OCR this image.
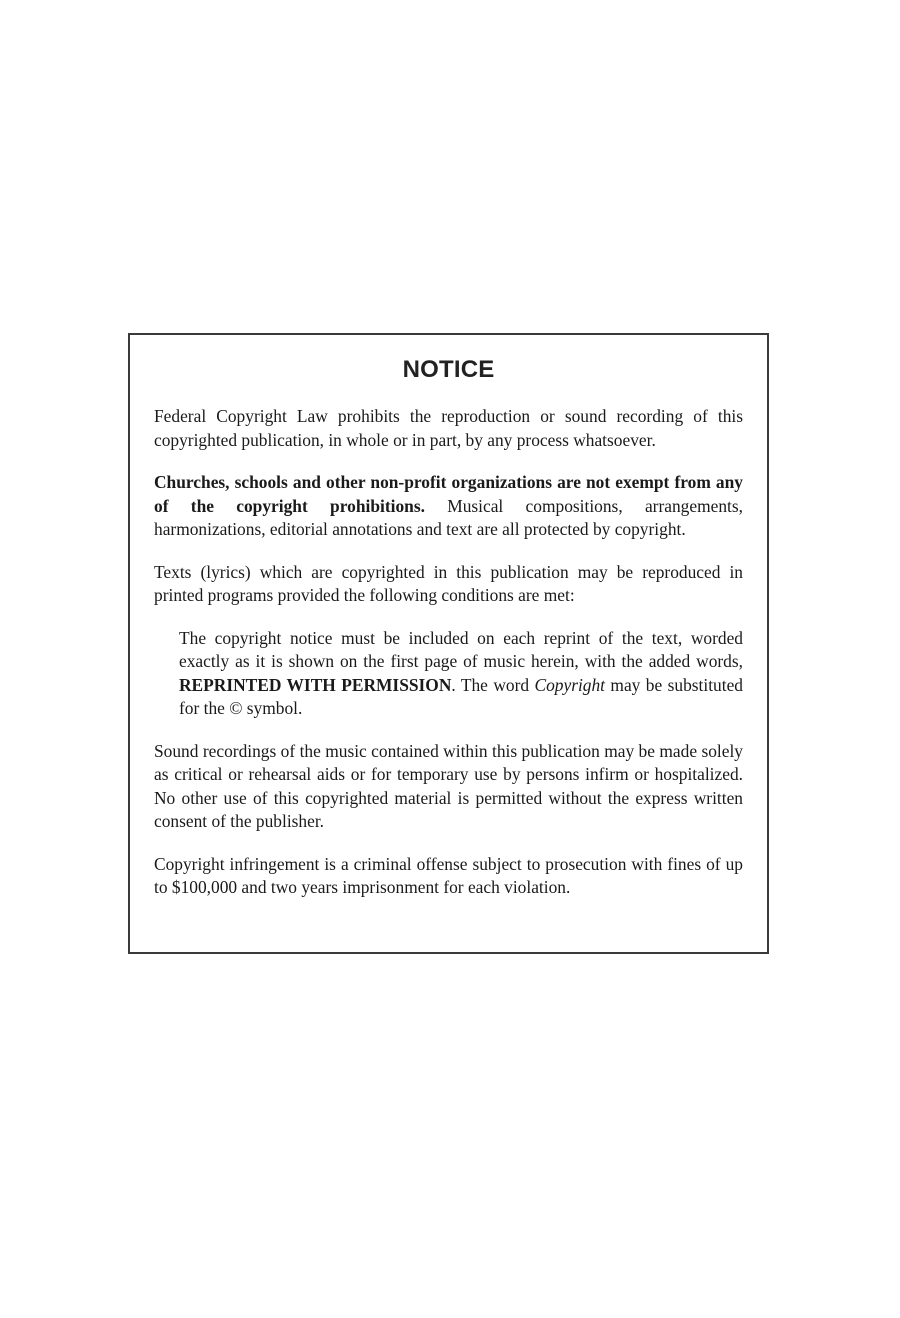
NOTICE

Federal Copyright Law prohibits the reproduction or sound recording of this copyrighted publication, in whole or in part, by any process whatsoever.

Churches, schools and other non-profit organizations are not exempt from any of the copyright prohibitions. Musical compositions, arrangements, harmonizations, editorial annotations and text are all protected by copyright.

Texts (lyrics) which are copyrighted in this publication may be reproduced in printed programs provided the following conditions are met:

The copyright notice must be included on each reprint of the text, worded exactly as it is shown on the first page of music herein, with the added words, REPRINTED WITH PERMISSION. The word Copyright may be substituted for the © symbol.

Sound recordings of the music contained within this publication may be made solely as critical or rehearsal aids or for temporary use by persons infirm or hospitalized. No other use of this copyrighted material is permitted without the express written consent of the publisher.

Copyright infringement is a criminal offense subject to prosecution with fines of up to $100,000 and two years imprisonment for each violation.
